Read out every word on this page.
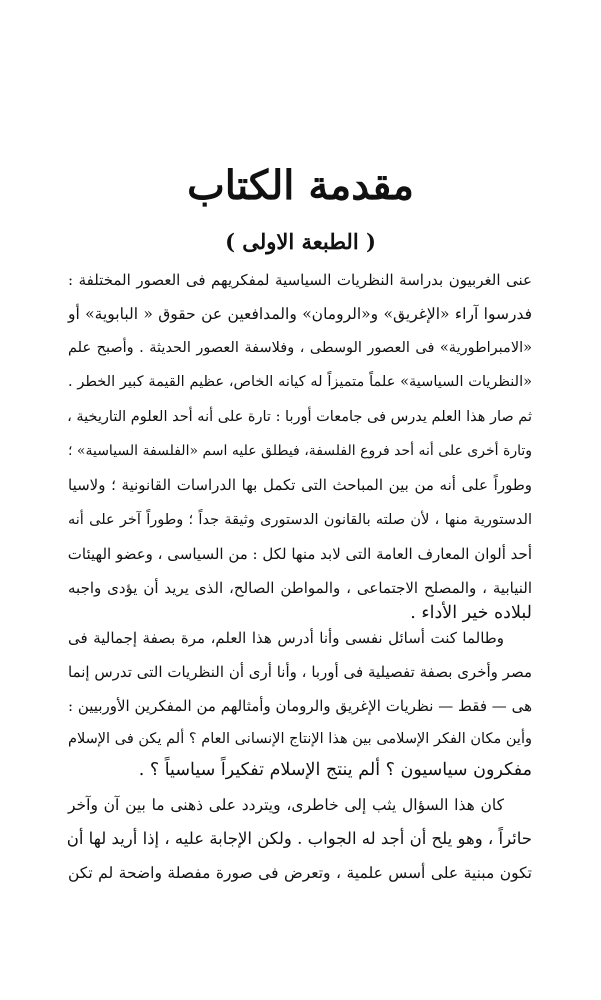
مقدمة الكتاب
( الطبعة الاولى )
عنى الغربيون بدراسة النظريات السياسية لمفكريهم فى العصور المختلفة :
فدرسوا آراء «الإغريق» و«الرومان» والمدافعين عن حقوق « البابوية» أو
«الامبراطورية» فى العصور الوسطى ، وفلاسفة العصور الحديثة . وأصبح علم
«النظريات السياسية» علماً متميزاً له كيانه الخاص، عظيم القيمة كبير الخطر .
ثم صار هذا العلم يدرس فى جامعات أوربا : تارة على أنه أحد العلوم التاريخية ،
وتارة أخرى على أنه أحد فروع الفلسفة، فيطلق عليه اسم «الفلسفة السياسية» ؛
وطوراً على أنه من بين المباحث التى تكمل بها الدراسات القانونية ؛ ولاسيا
الدستورية منها ، لأن صلته بالقانون الدستورى وثيقة جداً ؛ وطوراً آخر على أنه
أحد ألوان المعارف العامة التى لابد منها لكل : من السياسى ، وعضو الهيئات
النيابية ، والمصلح الاجتماعى ، والمواطن الصالح، الذى يريد أن يؤدى واجبه
لبلاده خير الأداء .
وطالما كنت أسائل نفسى وأنا أدرس هذا العلم، مرة بصفة إجمالية فى
مصر وأخرى بصفة تفصيلية فى أوربا ، وأنا أرى أن النظريات التى تدرس إنما
هى — فقط — نظريات الإغريق والرومان وأمثالهم من المفكرين الأوربيين :
وأين مكان الفكر الإسلامى بين هذا الإنتاج الإنسانى العام ؟ ألم يكن فى الإسلام
مفكرون سياسيون ؟ ألم ينتج الإسلام تفكيراً سياسياً ؟ .
كان هذا السؤال يثب إلى خاطرى، ويتردد على ذهنى ما بين آن وآخر
حائراً ، وهو يلح أن أجد له الجواب . ولكن الإجابة عليه ، إذا أريد لها أن
تكون مبنية على أسس علمية ، وتعرض فى صورة مفصلة واضحة لم تكن
